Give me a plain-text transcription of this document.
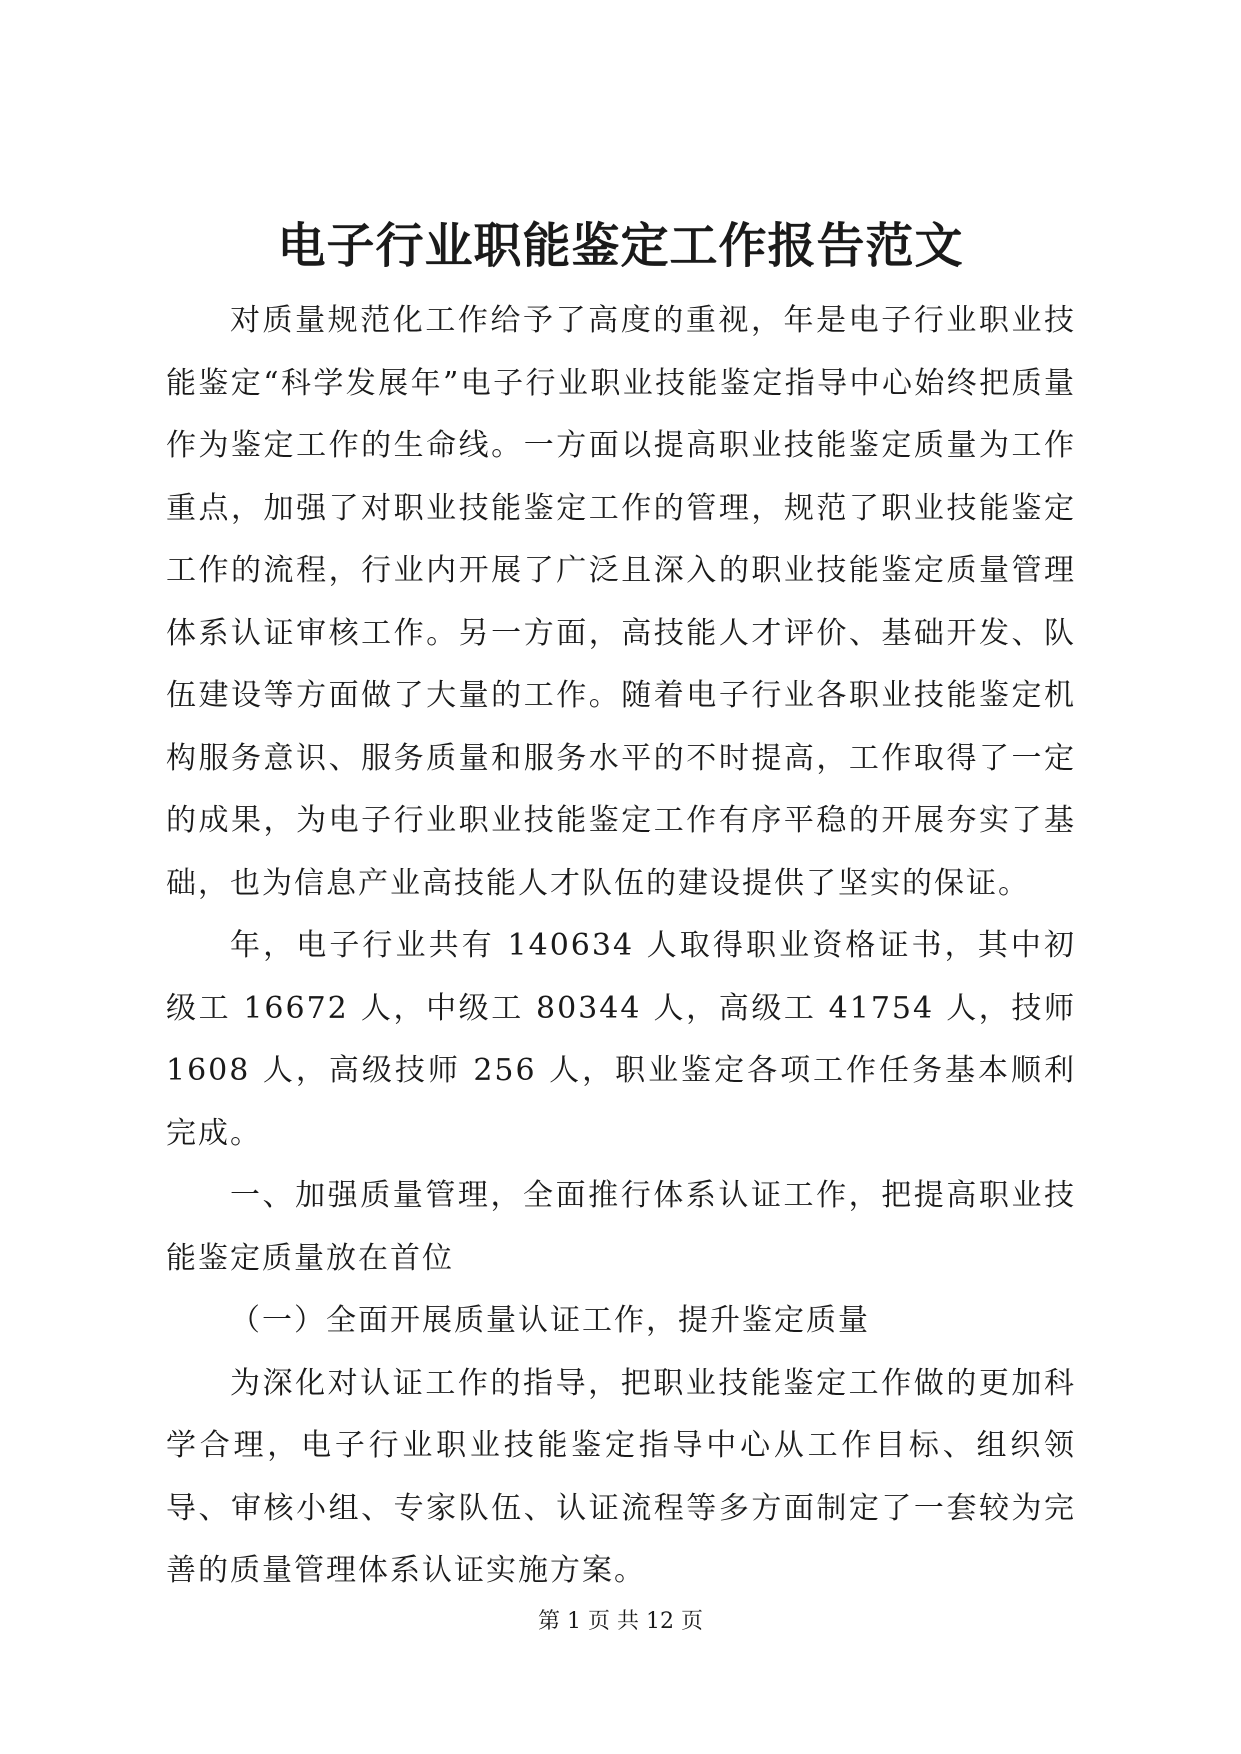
电子行业职能鉴定工作报告范文

对质量规范化工作给予了高度的重视，年是电子行业职业技能鉴定“科学发展年”电子行业职业技能鉴定指导中心始终把质量作为鉴定工作的生命线。一方面以提高职业技能鉴定质量为工作重点，加强了对职业技能鉴定工作的管理，规范了职业技能鉴定工作的流程，行业内开展了广泛且深入的职业技能鉴定质量管理体系认证审核工作。另一方面，高技能人才评价、基础开发、队伍建设等方面做了大量的工作。随着电子行业各职业技能鉴定机构服务意识、服务质量和服务水平的不时提高，工作取得了一定的成果，为电子行业职业技能鉴定工作有序平稳的开展夯实了基础，也为信息产业高技能人才队伍的建设提供了坚实的保证。

年，电子行业共有 140634 人取得职业资格证书，其中初级工 16672 人，中级工 80344 人，高级工 41754 人，技师 1608 人，高级技师 256 人，职业鉴定各项工作任务基本顺利完成。

一、加强质量管理，全面推行体系认证工作，把提高职业技能鉴定质量放在首位

（一）全面开展质量认证工作，提升鉴定质量

为深化对认证工作的指导，把职业技能鉴定工作做的更加科学合理，电子行业职业技能鉴定指导中心从工作目标、组织领导、审核小组、专家队伍、认证流程等多方面制定了一套较为完善的质量管理体系认证实施方案。

第 1 页 共 12 页
